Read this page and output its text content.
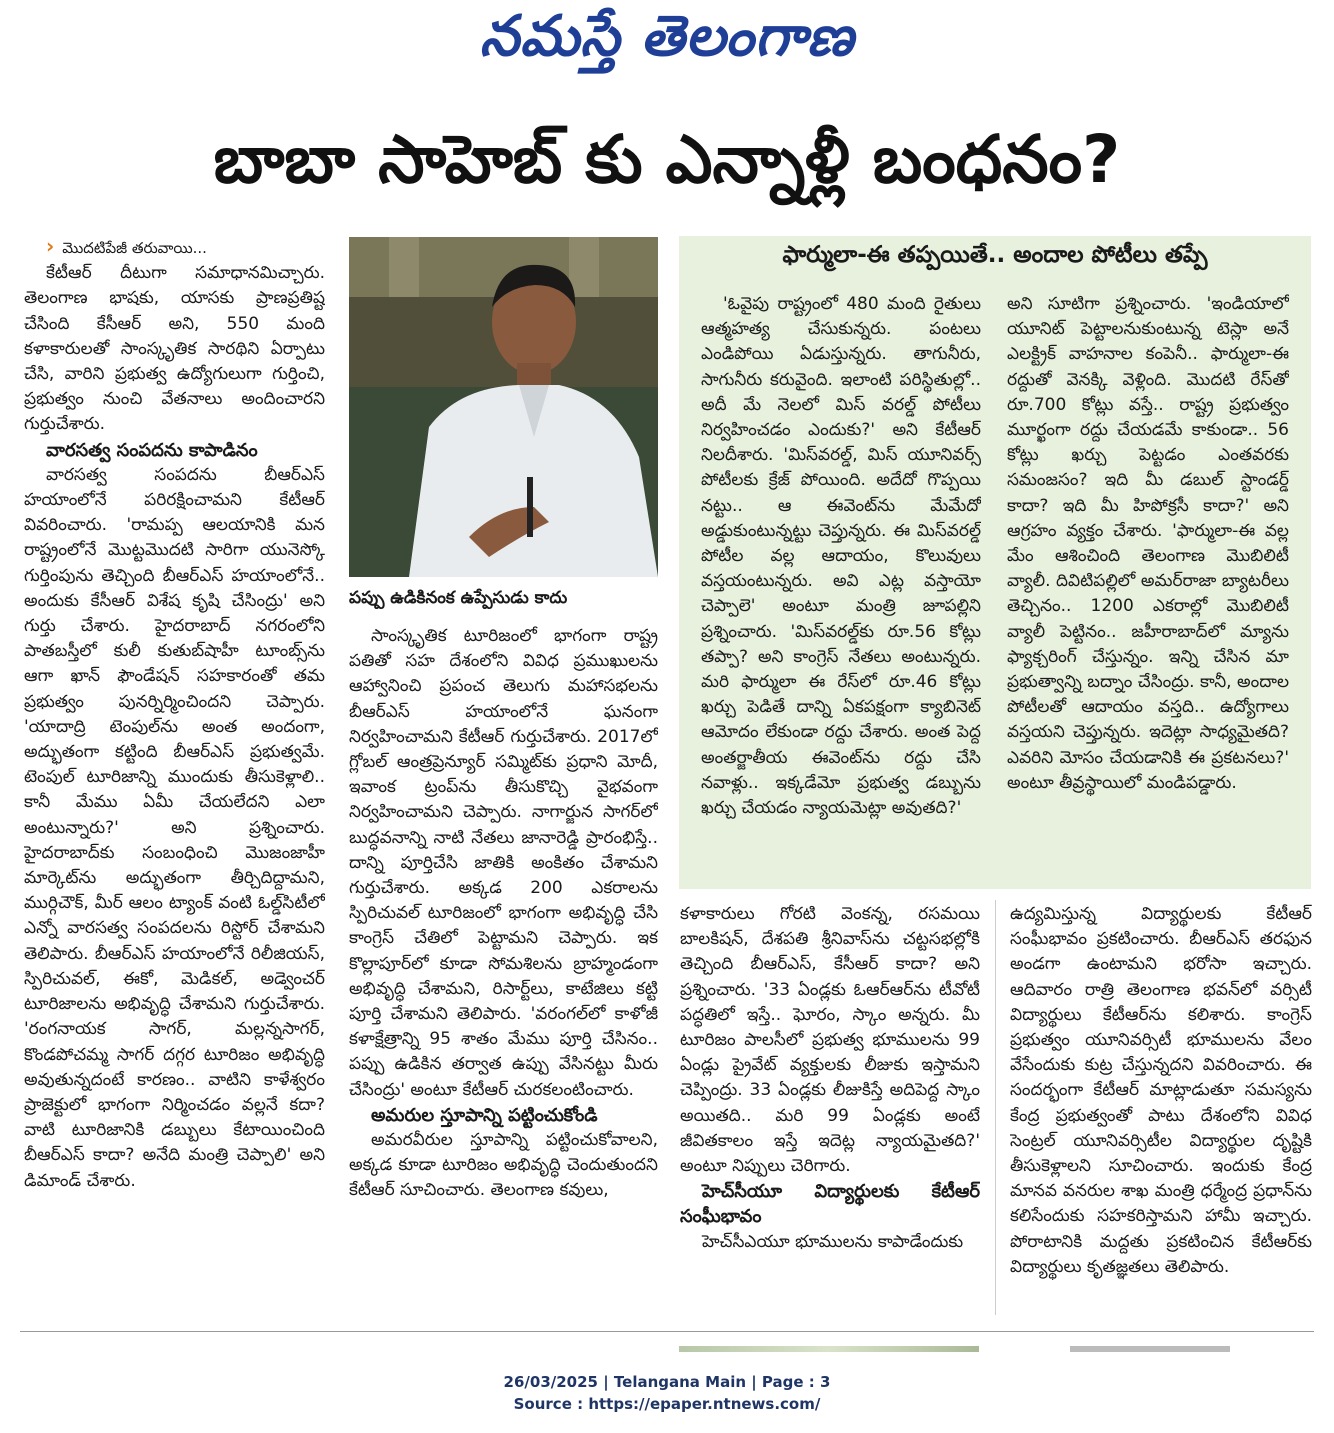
నమస్తే తెలంగాణ
బాబా సాహెబ్ కు ఎన్నాళ్లీ బంధనం?

› మొదటిపేజీ తరువాయి...

కేటీఆర్ దీటుగా సమాధానమిచ్చారు. తెలంగాణ భాషకు, యాసకు ప్రాణప్రతిష్ట చేసింది కేసీఆర్ అని, 550 మంది కళాకారులతో సాంస్కృతిక సారథిని ఏర్పాటు చేసి, వారిని ప్రభుత్వ ఉద్యోగులుగా గుర్తించి, ప్రభుత్వం నుంచి వేతనాలు అందించారని గుర్తుచేశారు.

వారసత్వ సంపదను కాపాడినం

వారసత్వ సంపదను బీఆర్ఎస్ హయాంలోనే పరిరక్షించామని కేటీఆర్ వివరించారు. 'రామప్ప ఆలయానికి మన రాష్ట్రంలోనే మొట్టమొదటి సారిగా యునెస్కో గుర్తింపును తెచ్చింది బీఆర్ఎస్ హయాంలోనే.. అందుకు కేసీఆర్ విశేష కృషి చేసింద్రు' అని గుర్తు చేశారు. హైదరాబాద్ నగరంలోని పాతబస్తీలో కులీ కుతుబ్‌షాహీ టూంబ్స్‌ను ఆగా ఖాన్ ఫౌండేషన్ సహకారంతో తమ ప్రభుత్వం పునర్నిర్మించిందని చెప్పారు. 'యాదాద్రి టెంపుల్‌ను అంత అందంగా, అద్భుతంగా కట్టింది బీఆర్ఎస్ ప్రభుత్వమే. టెంపుల్ టూరిజాన్ని ముందుకు తీసుకెళ్లాలి.. కానీ మేము ఏమీ చేయలేదని ఎలా అంటున్నారు?' అని ప్రశ్నించారు. హైదరాబాద్‌కు సంబంధించి మొజంజాహీ మార్కెట్‌ను అద్భుతంగా తీర్చిదిద్దామని, ముర్గిచౌక్, మీర్ ఆలం ట్యాంక్ వంటి ఓల్డ్‌సిటీలో ఎన్నో వారసత్వ సంపదలను రిస్టోర్ చేశామని తెలిపారు. బీఆర్ఎస్ హయాంలోనే రిలీజియస్, స్పిరిచువల్, ఈకో, మెడికల్, అడ్వెంచర్ టూరిజాలను అభివృద్ధి చేశామని గుర్తుచేశారు. 'రంగనాయక సాగర్, మల్లన్నసాగర్, కొండపోచమ్మ సాగర్ దగ్గర టూరిజం అభివృద్ధి అవుతున్నదంటే కారణం.. వాటిని కాళేశ్వరం ప్రాజెక్టులో భాగంగా నిర్మించడం వల్లనే కదా? వాటి టూరిజానికి డబ్బులు కేటాయించింది బీఆర్ఎస్ కాదా? అనేది మంత్రి చెప్పాలి' అని డిమాండ్ చేశారు.

పప్పు ఉడికినంక ఉప్పేసుడు కాదు

సాంస్కృతిక టూరిజంలో భాగంగా రాష్ట్ర పతితో సహ దేశంలోని వివిధ ప్రముఖులను ఆహ్వానించి ప్రపంచ తెలుగు మహాసభలను బీఆర్ఎస్ హయాంలోనే ఘనంగా నిర్వహించామని కేటీఆర్ గుర్తుచేశారు. 2017లో గ్లోబల్ ఆంత్రప్రెన్యూర్ సమ్మిట్‌కు ప్రధాని మోదీ, ఇవాంక ట్రంప్‌ను తీసుకొచ్చి వైభవంగా నిర్వహించామని చెప్పారు. నాగార్జున సాగర్‌లో బుద్ధవనాన్ని నాటి నేతలు జానారెడ్డి ప్రారంభిస్తే.. దాన్ని పూర్తిచేసి జాతికి అంకితం చేశామని గుర్తుచేశారు. అక్కడ 200 ఎకరాలను స్పిరిచువల్ టూరిజంలో భాగంగా అభివృద్ధి చేసి కాంగ్రెస్ చేతిలో పెట్టామని చెప్పారు. ఇక కొల్లాపూర్‌లో కూడా సోమశిలను బ్రాహ్మండంగా అభివృద్ధి చేశామని, రిసార్ట్‌లు, కాటేజిలు కట్టి పూర్తి చేశామని తెలిపారు. 'వరంగల్‌లో కాళోజీ కళాక్షేత్రాన్ని 95 శాతం మేము పూర్తి చేసినం.. పప్పు ఉడికిన తర్వాత ఉప్పు వేసినట్టు మీరు చేసింద్రు' అంటూ కేటీఆర్ చురకలంటించారు.

అమరుల స్తూపాన్ని పట్టించుకోండి

అమరవీరుల స్తూపాన్ని పట్టించుకోవాలని, అక్కడ కూడా టూరిజం అభివృద్ధి చెందుతుందని కేటీఆర్ సూచించారు. తెలంగాణ కవులు,

ఫార్ములా-ఈ తప్పయితే.. అందాల పోటీలు తప్పే

'ఓవైపు రాష్ట్రంలో 480 మంది రైతులు ఆత్మహత్య చేసుకున్నరు. పంటలు ఎండిపోయి ఏడుస్తున్నరు. తాగునీరు, సాగునీరు కరువైంది. ఇలాంటి పరిస్థితుల్లో.. అదీ మే నెలలో మిస్ వరల్డ్ పోటీలు నిర్వహించడం ఎందుకు?' అని కేటీఆర్ నిలదీశారు. 'మిస్‌వరల్డ్, మిస్ యూనివర్స్ పోటీలకు క్రేజ్ పోయింది. అదేదో గొప్పయి నట్టు.. ఆ ఈవెంట్‌ను మేమేదో అడ్డుకుంటున్నట్టు చెప్తున్నరు. ఈ మిస్‌వరల్డ్ పోటీల వల్ల ఆదాయం, కొలువులు వస్తయంటున్నరు. అవి ఎట్ల వస్తాయో చెప్పాలె' అంటూ మంత్రి జూపల్లిని ప్రశ్నించారు. 'మిస్‌వరల్డ్‌కు రూ.56 కోట్లు తప్పా? అని కాంగ్రెస్ నేతలు అంటున్నరు. మరి ఫార్ములా ఈ రేస్‌లో రూ.46 కోట్లు ఖర్చు పెడితే దాన్ని ఏకపక్షంగా క్యాబినెట్ ఆమోదం లేకుండా రద్దు చేశారు. అంత పెద్ద అంతర్జాతీయ ఈవెంట్‌ను రద్దు చేసి నవాళ్లు.. ఇక్కడేమో ప్రభుత్వ డబ్బును ఖర్చు చేయడం న్యాయమెట్లా అవుతది?'

అని సూటిగా ప్రశ్నించారు. 'ఇండియాలో యూనిట్ పెట్టాలనుకుంటున్న టెస్లా అనే ఎలక్ట్రిక్ వాహనాల కంపెనీ.. ఫార్ములా-ఈ రద్దుతో వెనక్కి వెళ్లింది. మొదటి రేస్‌తో రూ.700 కోట్లు వస్తే.. రాష్ట్ర ప్రభుత్వం మూర్ఖంగా రద్దు చేయడమే కాకుండా.. 56 కోట్లు ఖర్చు పెట్టడం ఎంతవరకు సమంజసం? ఇది మీ డబుల్ స్టాండర్డ్ కాదా? ఇది మీ హిపోక్రసీ కాదా?' అని ఆగ్రహం వ్యక్తం చేశారు. 'ఫార్ములా-ఈ వల్ల మేం ఆశించింది తెలంగాణ మొబిలిటీ వ్యాలీ. దివిటిపల్లిలో అమర్‌రాజా బ్యాటరీలు తెచ్చినం.. 1200 ఎకరాల్లో మొబిలిటీ వ్యాలీ పెట్టినం.. జహీరాబాద్‌లో మ్యాను ఫ్యాక్చరింగ్ చేస్తున్నం. ఇన్ని చేసిన మా ప్రభుత్వాన్ని బద్నాం చేసింద్రు. కానీ, అందాల పోటీలతో ఆదాయం వస్తది.. ఉద్యోగాలు వస్తయని చెప్తున్నరు. ఇదెట్లా సాధ్యమైతది? ఎవరిని మోసం చేయడానికి ఈ ప్రకటనలు?' అంటూ తీవ్రస్థాయిలో మండిపడ్డారు.

కళాకారులు గోరటి వెంకన్న, రసమయి బాలకిషన్, దేశపతి శ్రీనివాస్‌ను చట్టసభల్లోకి తెచ్చింది బీఆర్ఎస్, కేసీఆర్ కాదా? అని ప్రశ్నించారు. '33 ఏండ్లకు ఓఆర్ఆర్‌ను టీవోటీ పద్ధతిలో ఇస్తే.. ఘోరం, స్కాం అన్నరు. మీ టూరిజం పాలసీలో ప్రభుత్వ భూములను 99 ఏండ్లు ప్రైవేట్ వ్యక్తులకు లీజుకు ఇస్తామని చెప్పింద్రు. 33 ఏండ్లకు లీజుకిస్తే అదిపెద్ద స్కాం అయితది.. మరి 99 ఏండ్లకు అంటే జీవితకాలం ఇస్తే ఇదెట్ల న్యాయమైతది?' అంటూ నిప్పులు చెరిగారు.

హెచ్‌సీయూ విద్యార్థులకు కేటీఆర్ సంఘీభావం

హెచ్‌సీఎయూ భూములను కాపాడేందుకు

ఉద్యమిస్తున్న విద్యార్థులకు కేటీఆర్ సంఘీభావం ప్రకటించారు. బీఆర్ఎస్ తరఫున అండగా ఉంటామని భరోసా ఇచ్చారు. ఆదివారం రాత్రి తెలంగాణ భవన్‌లో వర్సిటీ విద్యార్థులు కేటీఆర్‌ను కలిశారు. కాంగ్రెస్ ప్రభుత్వం యూనివర్సిటీ భూములను వేలం వేసేందుకు కుట్ర చేస్తున్నదని వివరించారు. ఈ సందర్భంగా కేటీఆర్ మాట్లాడుతూ సమస్యను కేంద్ర ప్రభుత్వంతో పాటు దేశంలోని వివిధ సెంట్రల్ యూనివర్సిటీల విద్యార్థుల దృష్టికి తీసుకెళ్లాలని సూచించారు. ఇందుకు కేంద్ర మానవ వనరుల శాఖ మంత్రి ధర్మేంద్ర ప్రధాన్‌ను కలిసేందుకు సహకరిస్తామని హామీ ఇచ్చారు. పోరాటానికి మద్దతు ప్రకటించిన కేటీఆర్‌కు విద్యార్థులు కృతజ్ఞతలు తెలిపారు.

26/03/2025 | Telangana Main | Page : 3
Source : https://epaper.ntnews.com/
